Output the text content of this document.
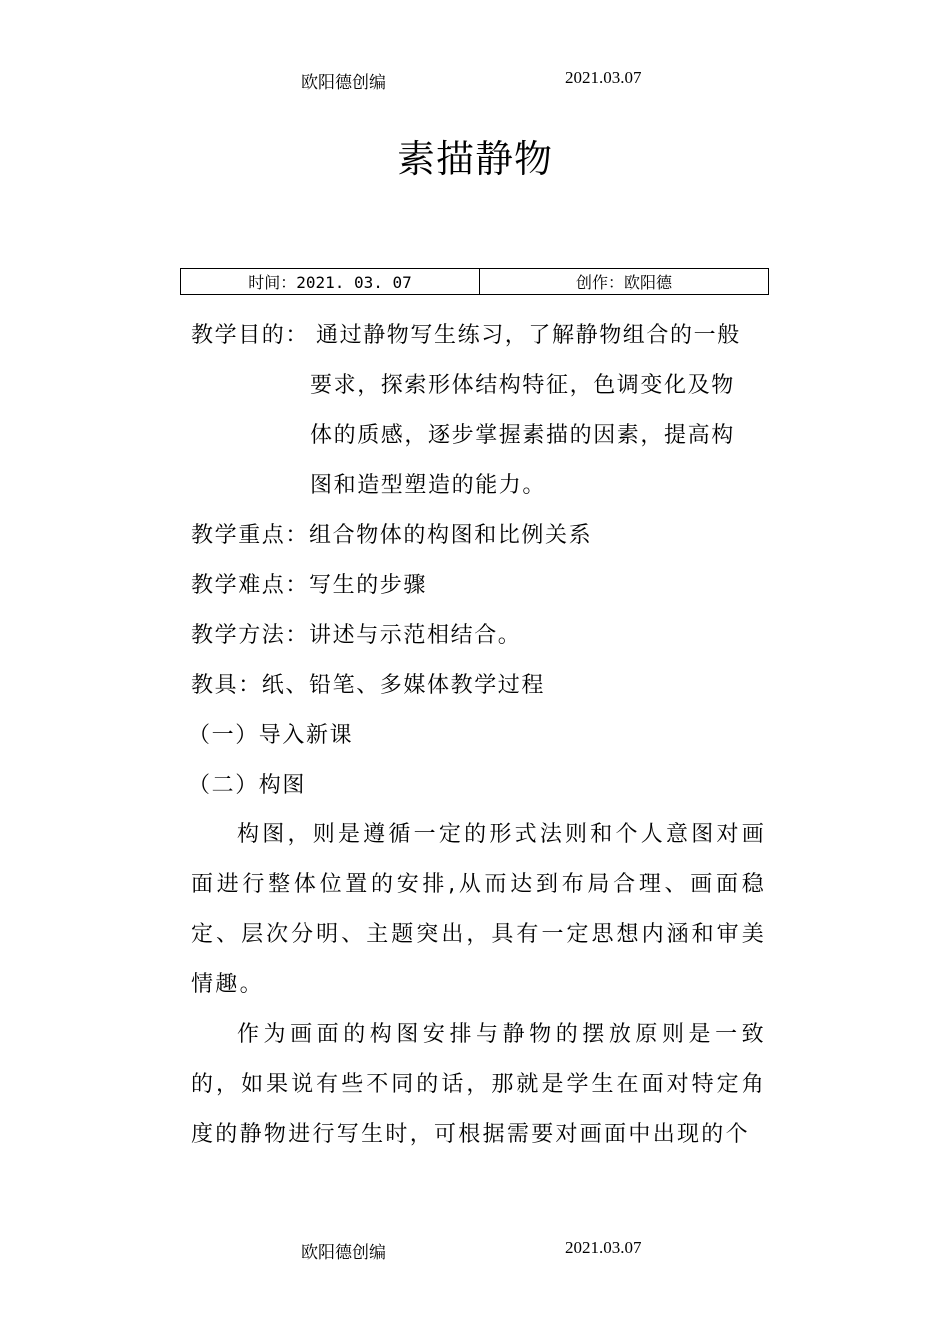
欧阳德创编	2021.03.07
素描静物
时间：2021. 03. 07	创作：欧阳德
教学目的： 通过静物写生练习，了解静物组合的一般
要求，探索形体结构特征，色调变化及物
体的质感，逐步掌握素描的因素，提高构
图和造型塑造的能力。
教学重点：组合物体的构图和比例关系
教学难点：写生的步骤
教学方法：讲述与示范相结合。
教具：纸、铅笔、多媒体教学过程
（一）导入新课
（二）构图
构图，则是遵循一定的形式法则和个人意图对画面进行整体位置的安排,从而达到布局合理、画面稳定、层次分明、主题突出，具有一定思想内涵和审美情趣。
作为画面的构图安排与静物的摆放原则是一致的，如果说有些不同的话，那就是学生在面对特定角度的静物进行写生时，可根据需要对画面中出现的个
欧阳德创编	2021.03.07
